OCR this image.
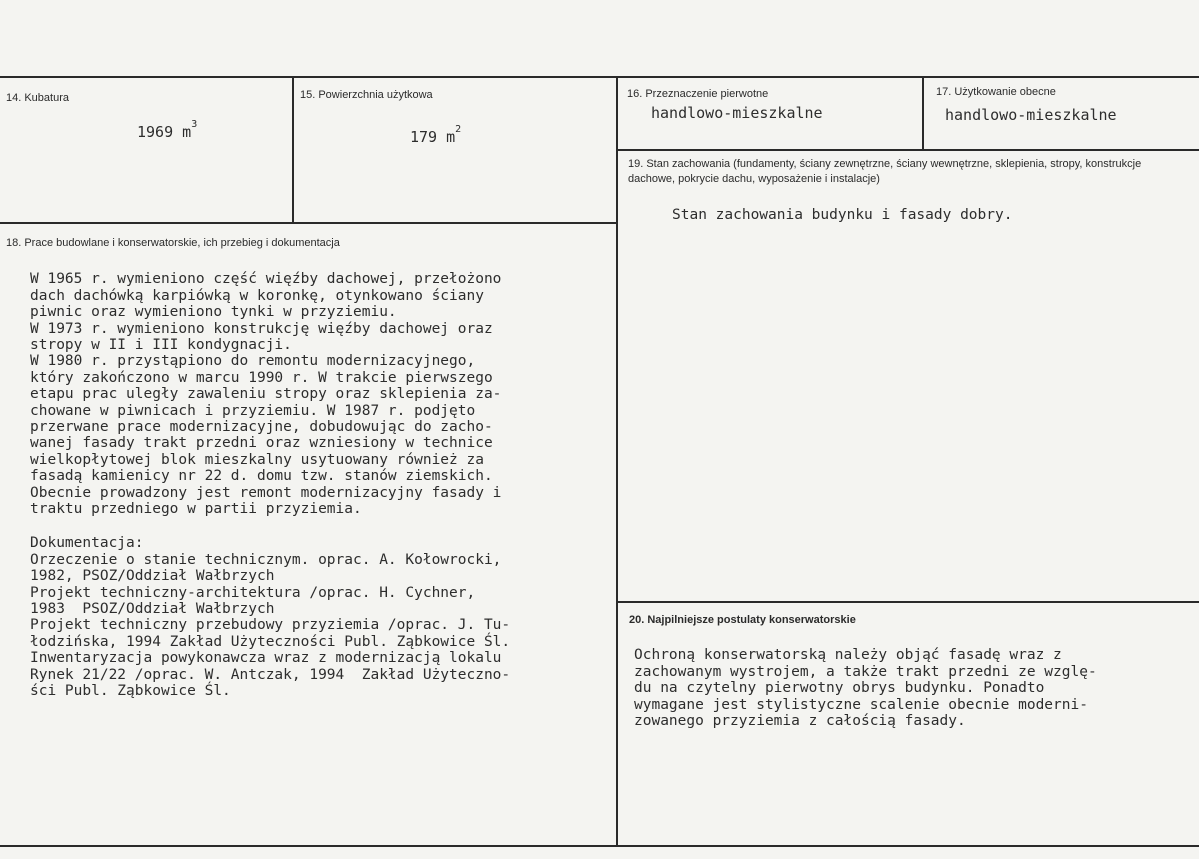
14. Kubatura
1969 $m^3$
15. Powierzchnia użytkowa
179 $m^2$
16. Przeznaczenie pierwotne
handlowo-mieszkalne
17. Użytkowanie obecne
handlowo-mieszkalne
18. Prace budowlane i konserwatorskie, ich przebieg i dokumentacja

W 1965 r. wymieniono część więźby dachowej, przełożono
dach dachówką karpiówką w koronkę, otynkowano ściany
piwnic oraz wymieniono tynki w przyziemiu.
W 1973 r. wymieniono konstrukcję więźby dachowej oraz
stropy w II i III kondygnacji.
W 1980 r. przystąpiono do remontu modernizacyjnego,
który zakończono w marcu 1990 r. W trakcie pierwszego
etapu prac uległy zawaleniu stropy oraz sklepienia za-
chowane w piwnicach i przyziemiu. W 1987 r. podjęto
przerwane prace modernizacyjne, dobudowując do zacho-
wanej fasady trakt przedni oraz wzniesiony w technice
wielkopłytowej blok mieszkalny usytuowany również za
fasadą kamienicy nr 22 d. domu tzw. stanów ziemskich.
Obecnie prowadzony jest remont modernizacyjny fasady i
traktu przedniego w partii przyziemia.

Dokumentacja:
Orzeczenie o stanie technicznym. oprac. A. Kołowrocki,
1982, PSOZ/Oddział Wałbrzych
Projekt techniczny-architektura /oprac. H. Cychner,
1983  PSOZ/Oddział Wałbrzych
Projekt techniczny przebudowy przyziemia /oprac. J. Tu-
łodzińska, 1994 Zakład Użyteczności Publ. Ząbkowice Śl.
Inwentaryzacja powykonawcza wraz z modernizacją lokalu
Rynek 21/22 /oprac. W. Antczak, 1994  Zakład Użyteczno-
ści Publ. Ząbkowice Śl.

19. Stan zachowania (fundamenty, ściany zewnętrzne, ściany wewnętrzne, sklepienia, stropy, konstrukcje dachowe, pokrycie dachu, wyposażenie i instalacje)
Stan zachowania budynku i fasady dobry.
20. Najpilniejsze postulaty konserwatorskie

Ochroną konserwatorską należy objąć fasadę wraz z
zachowanym wystrojem, a także trakt przedni ze wzglę-
du na czytelny pierwotny obrys budynku. Ponadto
wymagane jest stylistyczne scalenie obecnie moderni-
zowanego przyziemia z całością fasady.
